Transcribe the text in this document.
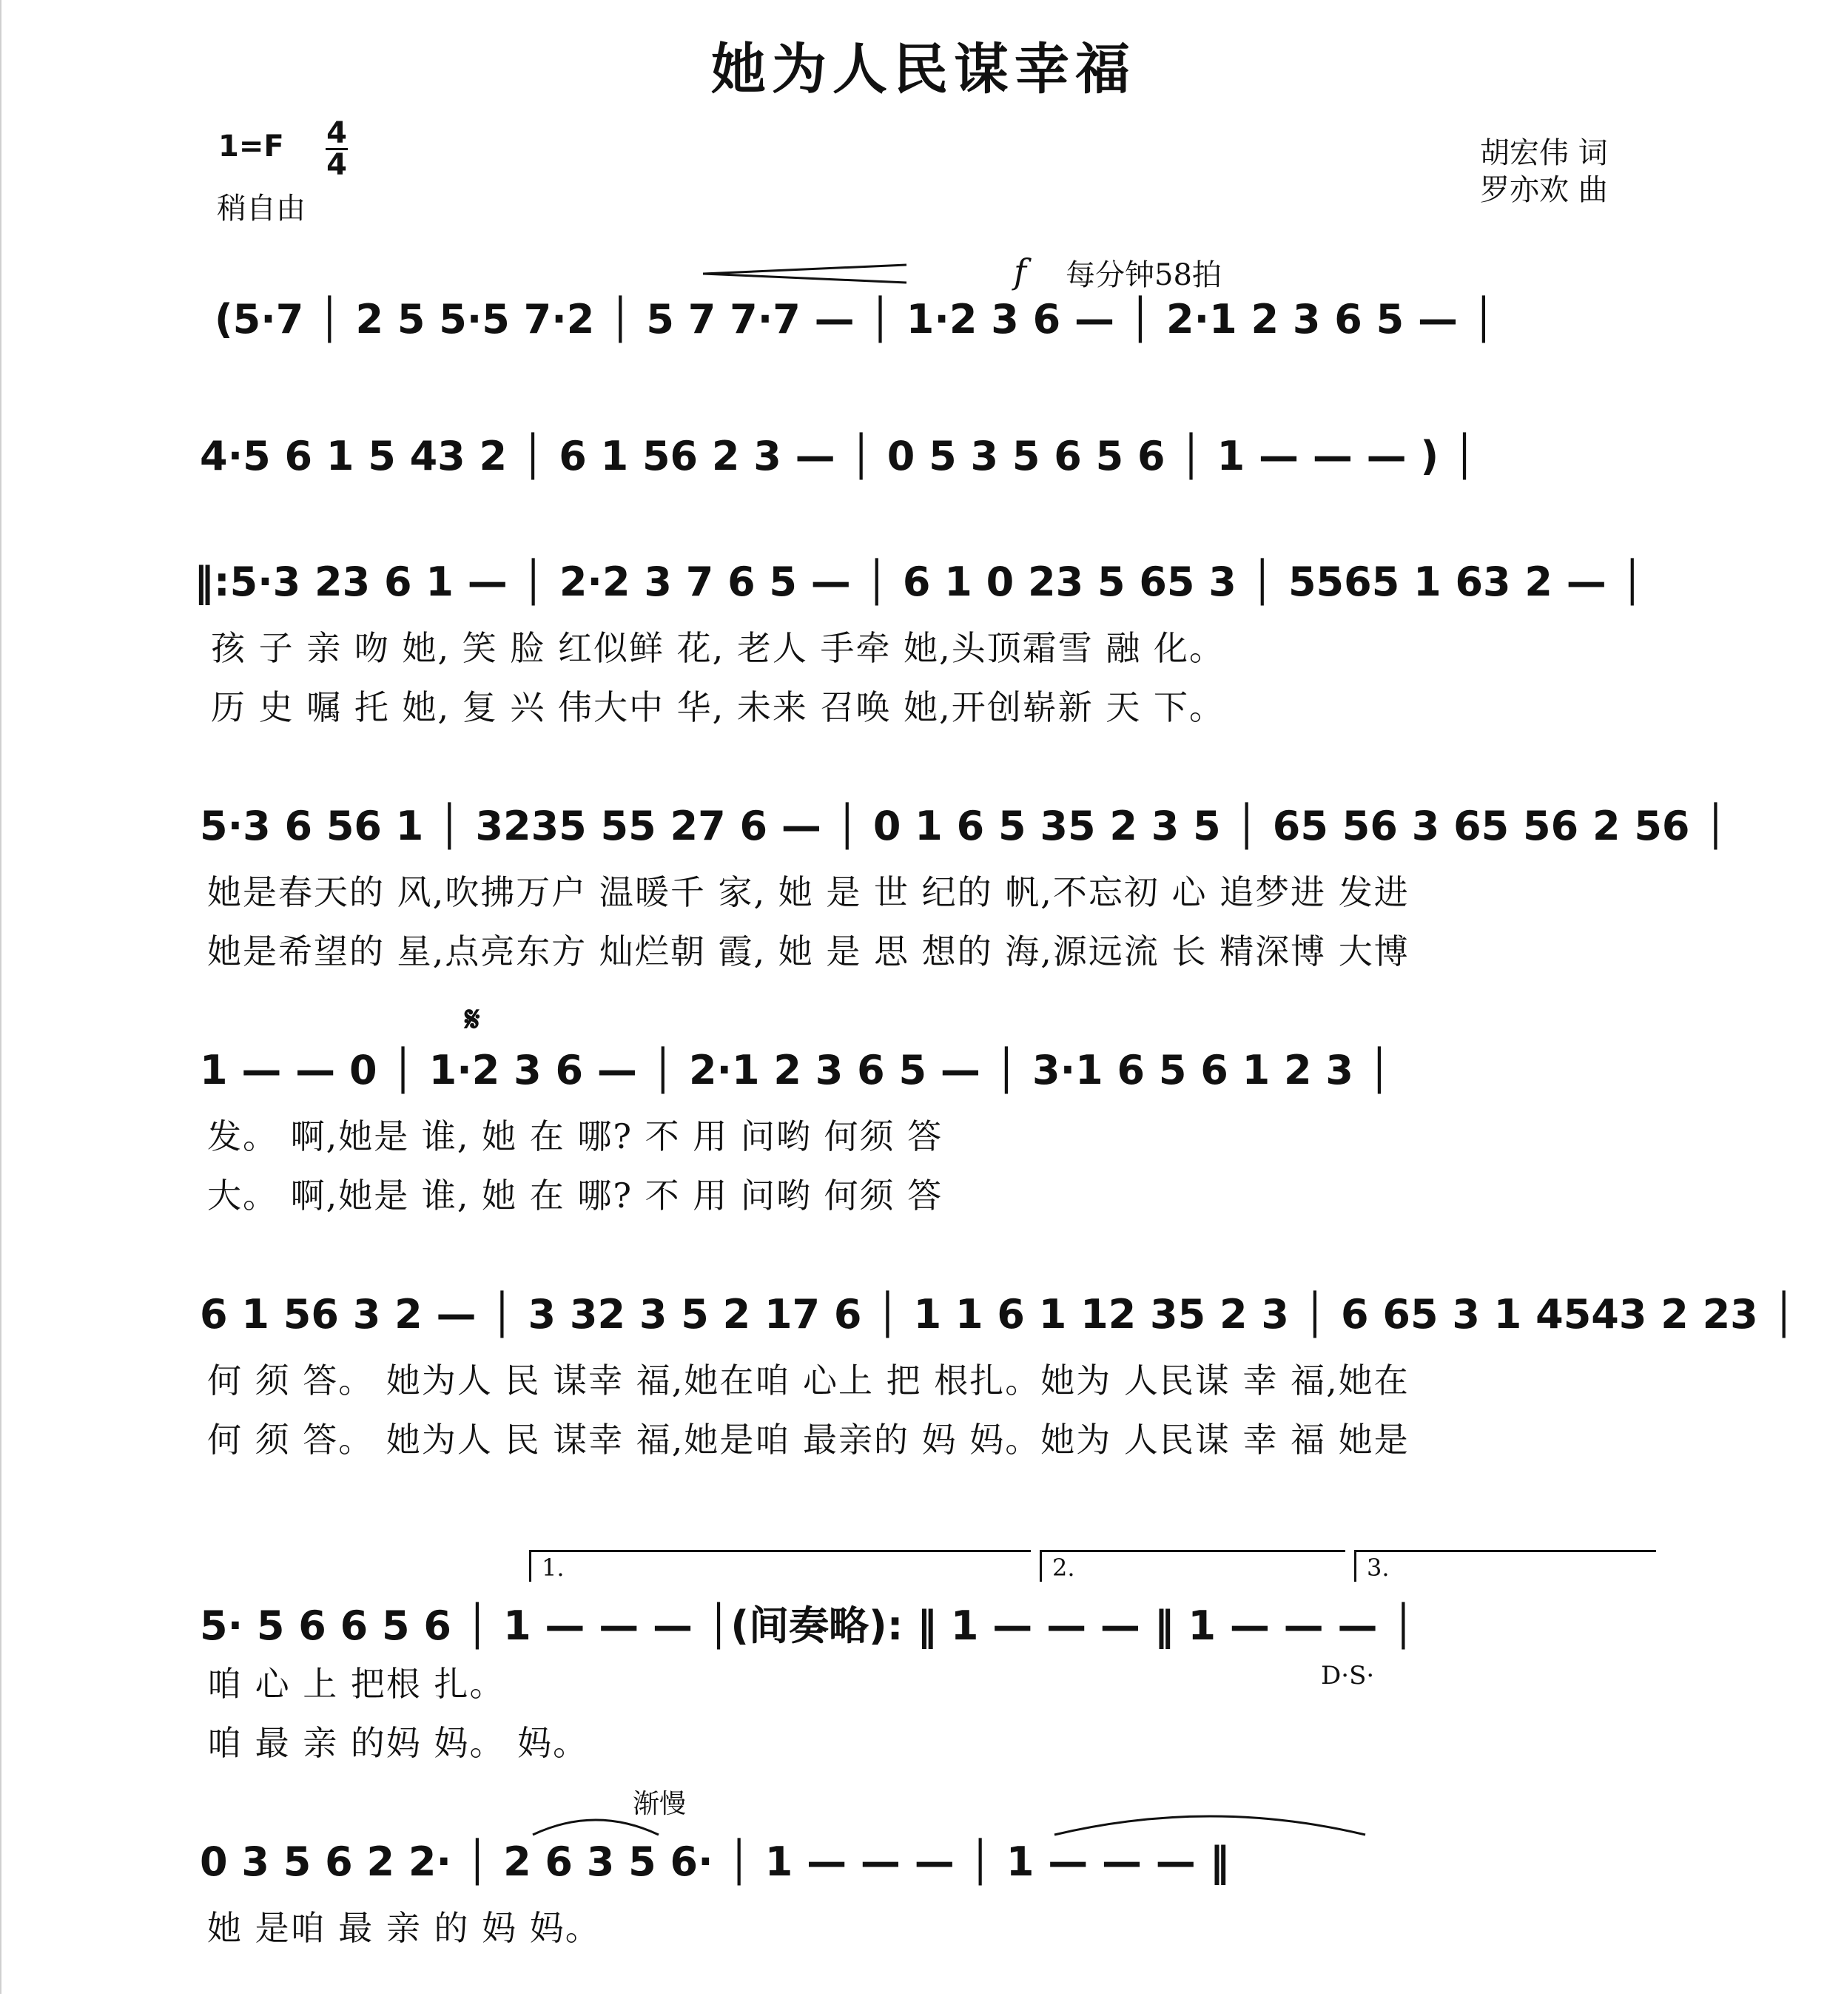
她为人民谋幸福
1=F 4
4
稍自由
胡宏伟 词
罗亦欢 曲
f 每分钟58拍
𝄋
D·S·
渐慢
(5·7 │ 2 5 5·5 7·2 │ 5 7 7·7 — │ 1·2 3 6 — │ 2·1 2 3 6 5 — │
4·5 6 1 5 43 2 │ 6 1 56 2 3 — │ 0 5 3 5 6 5 6 │ 1 — — — ) │
‖:5·3 23 6 1 — │ 2·2 3 7 6 5 — │ 6 1 0 23 5 65 3 │ 5565 1 63 2 — │
孩 子 亲 吻 她, 笑 脸 红似鲜 花, 老人 手牵 她,头顶霜雪 融 化。
历 史 嘱 托 她, 复 兴 伟大中 华, 未来 召唤 她,开创崭新 天 下。
5·3 6 56 1 │ 3235 55 27 6 — │ 0 1 6 5 35 2 3 5 │ 65 56 3 65 56 2 56 │
她是春天的 风,吹拂万户 温暖千 家, 她 是 世 纪的 帆,不忘初 心 追梦进 发进
她是希望的 星,点亮东方 灿烂朝 霞, 她 是 思 想的 海,源远流 长 精深博 大博
1 — — 0 │ 1·2 3 6 — │ 2·1 2 3 6 5 — │ 3·1 6 5 6 1 2 3 │
发。 啊,她是 谁, 她 在 哪? 不 用 问哟 何须 答
大。 啊,她是 谁, 她 在 哪? 不 用 问哟 何须 答
6 1 56 3 2 — │ 3 32 3 5 2 17 6 │ 1 1 6 1 12 35 2 3 │ 6 65 3 1 4543 2 23 │
何 须 答。 她为人 民 谋幸 福,她在咱 心上 把 根扎。她为 人民谋 幸 福,她在
何 须 答。 她为人 民 谋幸 福,她是咱 最亲的 妈 妈。她为 人民谋 幸 福 她是
5· 5 6 6 5 6 │ 1 — — — │(间奏略): ‖ 1 — — — ‖ 1 — — — │
咱 心 上 把根 扎。
咱 最 亲 的妈 妈。 妈。
1.	2.	3.
0 3 5 6 2 2· │ 2 6 3 5 6· │ 1 — — — │ 1 — — — ‖
她 是咱 最 亲 的 妈 妈。
